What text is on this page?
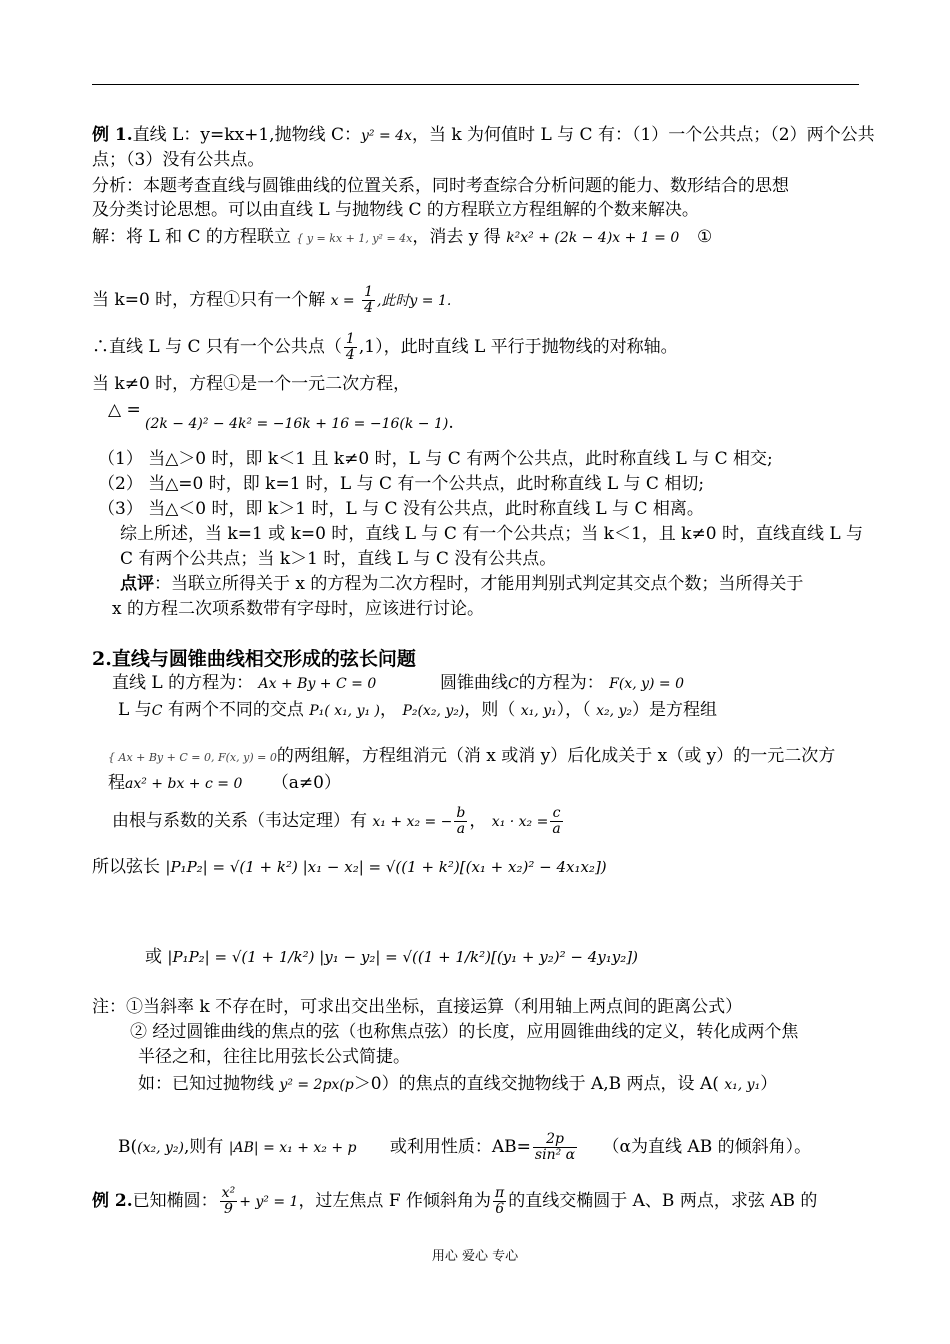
例 1.直线 L：y=kx+1,抛物线 C：y² = 4x，当 k 为何值时 L 与 C 有：（1）一个公共点；（2）两个公共
点；（3）没有公共点。
分析：本题考查直线与圆锥曲线的位置关系，同时考查综合分析问题的能力、数形结合的思想
及分类讨论思想。可以由直线 L 与抛物线 C 的方程联立方程组解的个数来解决。
解：将 L 和 C 的方程联立 { y = kx + 1, y² = 4x，消去 y 得 k²x² + (2k − 4)x + 1 = 0 ①
当 k=0 时，方程①只有一个解 $x = \frac{1}{4}$ ,此时y = 1.
∴直线 L 与 C 只有一个公共点（ $\frac{1}{4} ,1$），此时直线 L 平行于抛物线的对称轴。
当 k≠0 时，方程①是一个一元二次方程，
△ =
(2k − 4)² − 4k² = −16k + 16 = −16(k − 1).
（1） 当△＞0 时，即 k＜1 且 k≠0 时，L 与 C 有两个公共点，此时称直线 L 与 C 相交;
（2） 当△=0 时，即 k=1 时，L 与 C 有一个公共点，此时称直线 L 与 C 相切;
（3） 当△＜0 时，即 k＞1 时，L 与 C 没有公共点，此时称直线 L 与 C 相离。
综上所述，当 k=1 或 k=0 时，直线 L 与 C 有一个公共点；当 k＜1，且 k≠0 时，直线直线 L 与
C 有两个公共点；当 k＞1 时，直线 L 与 C 没有公共点。
点评：当联立所得关于 x 的方程为二次方程时，才能用判别式判定其交点个数；当所得关于
x 的方程二次项系数带有字母时，应该进行讨论。
2.直线与圆锥曲线相交形成的弦长问题
直线 L 的方程为： Ax + By + C = 0	圆锥曲线C的方程为： F(x, y) = 0
L 与C 有两个不同的交点 P₁( x₁, y₁ )， P₂(x₂, y₂)，则（ x₁, y₁），（ x₂, y₂）是方程组
{ Ax + By + C = 0, F(x, y) = 0的两组解，方程组消元（消 x 或消 y）后化成关于 x（或 y）的一元二次方
程ax² + bx + c = 0 （a≠0）
由根与系数的关系（韦达定理）有 x₁ + x₂ = − $\frac{b}{a}$ ， $x_1 \cdot x_2 = \frac{c}{a}$
所以弦长 |P₁P₂| = √(1 + k²) |x₁ − x₂| = √((1 + k²)[(x₁ + x₂)² − 4x₁x₂])
或 |P₁P₂| = √(1 + 1/k²) |y₁ − y₂| = √((1 + 1/k²)[(y₁ + y₂)² − 4y₁y₂])
注：①当斜率 k 不存在时，可求出交出坐标，直接运算（利用轴上两点间的距离公式）
② 经过圆锥曲线的焦点的弦（也称焦点弦）的长度，应用圆锥曲线的定义，转化成两个焦
半径之和，往往比用弦长公式简捷。
如：已知过抛物线 y² = 2px(p＞0）的焦点的直线交抛物线于 A,B 两点，设 A( x₁, y₁）
B((x₂, y₂),则有 |AB| = x₁ + x₂ + p 或利用性质：$AB= \frac{2p}{\text{sin² α}} (\alpha$为直线 AB 的倾斜角）。
例 2.已知椭圆： $\frac{\text{x²}}{9} + y^2 = 1$，过左焦点 F 作倾斜角为 $\frac{\pi}{6}$ 的直线交椭圆于 A、B 两点，求弦 AB 的
用心 爱心 专心
